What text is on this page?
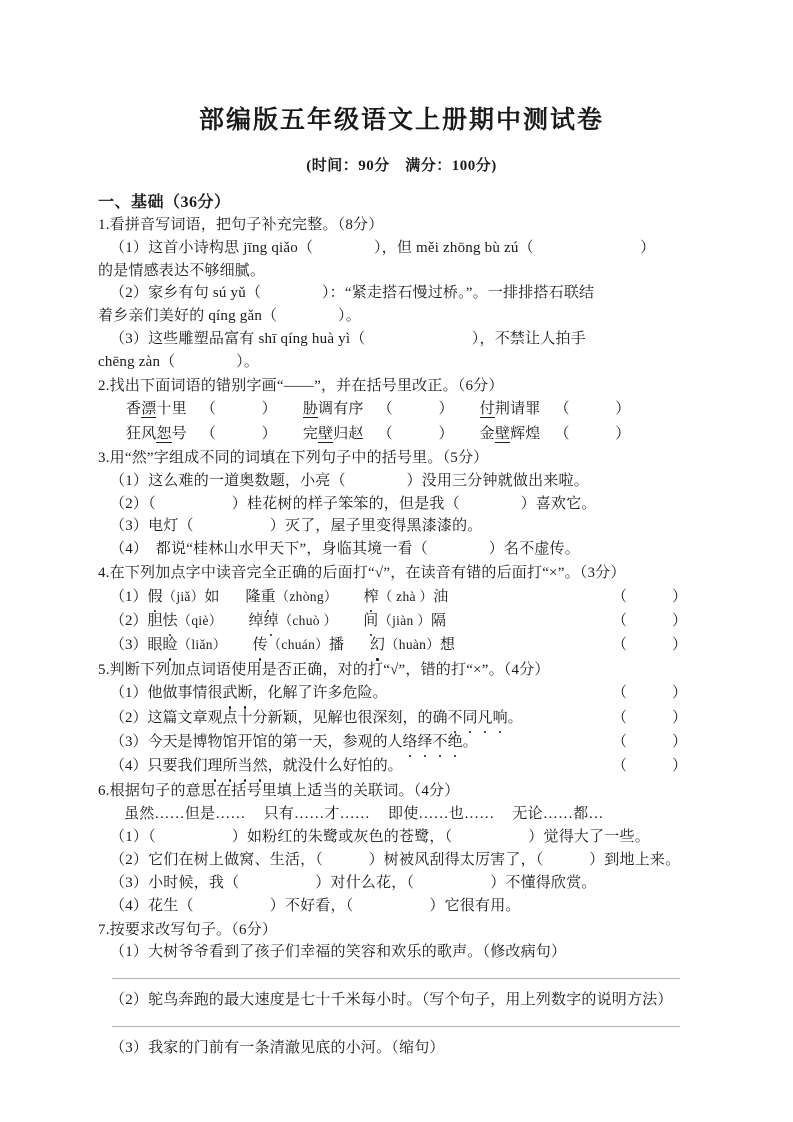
部编版五年级语文上册期中测试卷
(时间：90分　满分：100分)
一、基础（36分）
1.看拼音写词语，把句子补充完整。（8分）
（1）这首小诗构思 jīng qiǎo（　　　　），但 měi zhōng bù zú（　　　　　　　）
的是情感表达不够细腻。
（2）家乡有句 sú yǔ（　　　　）：“紧走搭石慢过桥。”。一排排搭石联结
着乡亲们美好的 qíng gǎn（　　　　）。
（3）这些雕塑品富有 shī qíng huà yì（　　　　　　　），不禁让人拍手
chēng zàn（　　　　）。
2.找出下面词语的错别字画“——”，并在括号里改正。（6分）
香漂十里 （　　　） 胁调有序 （　　　） 付荆请罪 （　　　）
狂风恕号 （　　　） 完壁归赵 （　　　） 金壁辉煌 （　　　）
3.用“然”字组成不同的词填在下列句子中的括号里。（5分）
（1）这么难的一道奥数题，小亮（　　　　）没用三分钟就做出来啦。
（2）（　　　　　）桂花树的样子笨笨的，但是我（　　　　）喜欢它。
（3）电灯（　　　　　）灭了，屋子里变得黑漆漆的。
（4）　都说“桂林山水甲天下”，身临其境一看（　　　　）名不虚传。
4.在下列加点字中读音完全正确的后面打“√”，在读音有错的后面打“×”。（3分）
（1）假（jiǎ）如 隆重（zhòng） 榨（ zhà ）油	（　　　）
（2）胆怯（qiè） 绰绰（chuò ） 间（jiàn ）隔	（　　　）
（3）眼睑（liǎn） 传（chuán）播 幻（huàn）想	（　　　）
5.判断下列加点词语使用是否正确，对的打“√”，错的打“×”。（4分）
（1）他做事情很武断，化解了许多危险。	（　　　）
（2）这篇文章观点十分新颖，见解也很深刻，的确不同凡响。	（　　　）
（3）今天是博物馆开馆的第一天，参观的人络绎不绝。	（　　　）
（4）只要我们理所当然，就没什么好怕的。	（　　　）
6.根据句子的意思在括号里填上适当的关联词。（4分）
虽然……但是…… 只有……才…… 即使……也…… 无论……都…
（1）（　　　　　）如粉红的朱鹭或灰色的苍鹭，（　　　　　）觉得大了一些。
（2）它们在树上做窝、生活，（　　　）树被风刮得太厉害了，（　　　）到地上来。
（3）小时候，我（　　　　　）对什么花，（　　　　　）不懂得欣赏。
（4）花生（　　　　　）不好看，（　　　　　）它很有用。
7.按要求改写句子。（6分）
（1）大树爷爷看到了孩子们幸福的笑容和欢乐的歌声。（修改病句）
（2）鸵鸟奔跑的最大速度是七十千米每小时。（写个句子，用上列数字的说明方法）
（3）我家的门前有一条清澈见底的小河。（缩句）
